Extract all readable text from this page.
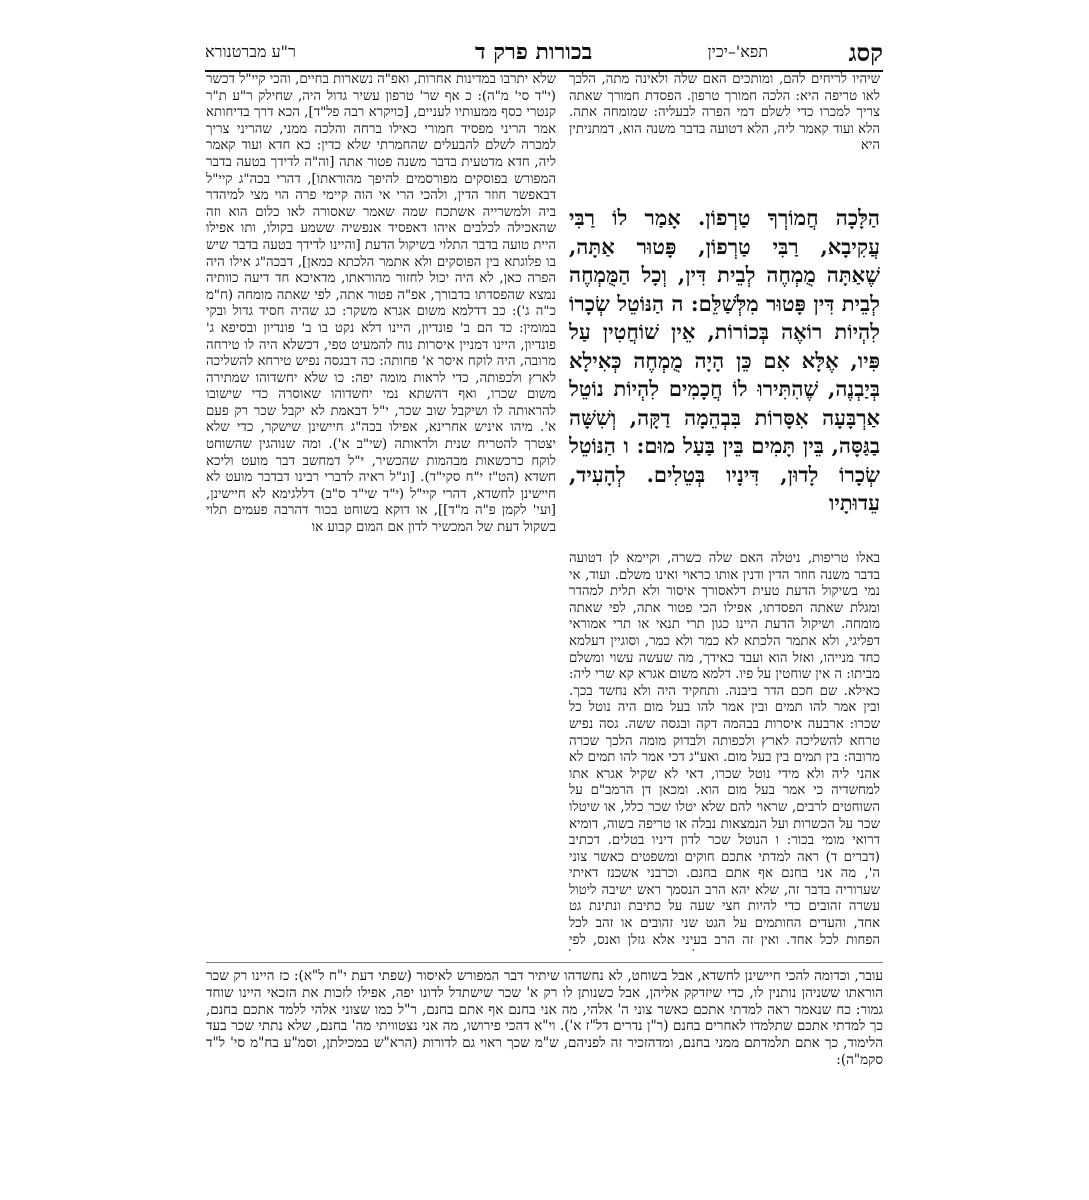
קסג
תפא'–יכין
בכורות פרק ד
ר"ע מברטנורא

שלא יתרבו במדינות אחרות, ואפ"ה נשארות בחיים, והכי קיי"ל דכשר (י"ד סי' מ"ה): כ אף שר' טרפון עשיר גדול היה, שחילק ר"ע ת"ר קנטרי כסף ממעותיו לעניים, [כויקרא רבה פל"ד], הכא דרך בדיחותא אמר הריני מפסיד חמורי כאילו ברחה והלכה ממני, שהריני צריך למכרה לשלם להבעלים שהחמרתי שלא כדין: כא חדא ועוד קאמר ליה, חדא מדטעית בדבר משנה פטור אתה [וה"ה לדידך בטעה בדבר המפורש בפוסקים מפורסמים להיפך מהוראתו], דהרי בכה"ג קיי"ל דבאפשר חוזר הדין, ולהכי הרי אי הוה קיימי פרה הוי מצי למיהדר ביה ולמשרייה אשתכח שמה שאמר שאסורה לאו כלום הוא וזה שהאכילה לכלבים איהו דאפסיד אנפשיה ששמע בקולו, ותו אפילו היית טועה בדבר התלוי בשיקול הדעת [והיינו לדידך בטעה בדבר שיש בו פלוגתא בין הפוסקים ולא אתמר הלכתא כמאן], דבכה"ג אילו היה הפרה כאן, לא היה יכול לחזור מהוראתו, מדאיכא חד דיעה כוותיה נמצא שהפסדתו בדבורך, אפ"ה פטור אתה, לפי שאתה מומחה (ח"מ כ"ה ג'): כב דדלמא משום אגרא משקר: כג שהיה חסיד גדול ובקי במומין: כד הם ב' פונדיון, היינו דלא נקט בו ב' פונדיון ובסיפא ג' פונדיון, היינו דמניין איסרות נוח להמעיט טפי, דכשלא היה לו טירחה מרובה, היה לוקח איסר א' פחותה: כה דבגסה נפיש טירחא להשליכה לארץ ולכפותה, כדי לראות מומה יפה: כו שלא יחשדוהו שמתירה משום שכרו, ואף דהשתא נמי יחשדוהו שאוסרה כדי שישובו להראותה לו ושיקבל שוב שכר, י"ל דבאמת לא יקבל שכר רק פעם א'. מיהו איניש אחרינא, אפילו בכה"ג חיישינן שישקר, כדי שלא יצטרך להטריח שנית ולראותה (שי"ב א'). ומה שנוהגין שהשוחט לוקח כרכשאות מבהמות שהכשיר, י"ל דמחשב דבר מועט וליכא חשדא (הט"ז י"ח סקי"ד). [ונ"ל ראיה לדברי רבינו דבדבר מועט לא חיישינן לחשדא, דהרי קיי"ל (י"ד שי"ד ס"ב) דללגימא לא חיישינן, [ועי' לקמן פ"ה מ"ד]], או דוקא בשוחט בכור דהרבה פעמים תלוי בשקול דעת של המכשיר לדון אם המום קבוע או

שיהיו לריחים להם, ומותכים האם שלה ולאינה מתה, הלכך לאו טריפה היא: הלכה חמורך טרפון. הפסדת חמורך שאתה צריך למכרו כדי לשלם דמי הפרה לבעליה: שמומחה אתה. הלא ועוד קאמר ליה, הלא דטועה בדבר משנה הוא, דמתניתין היא

הַלָּכָה חֲמוֹרְךָ טַרְפוֹן. אָמַר לוֹ רַבִּי עֲקִיבָא, רַבִּי טַרְפוֹן, פָּטוּר אַתָּה, שֶׁאַתָּה מֻמְחֶה לְבֵית דִּין, וְכָל הַמֻּמְחֶה לְבֵית דִּין פָּטוּר מִלְּשַׁלֵּם: ה הַנּוֹטֵל שְׂכָרוֹ לִהְיוֹת רוֹאֶה בְּכוֹרוֹת, אֵין שׁוֹחֲטִין עַל פִּיו, אֶלָּא אִם כֵּן הָיָה מֻמְחֶה כְּאִילָא בְּיַבְנֶה, שֶׁהִתִּירוּ לוֹ חֲכָמִים לִהְיוֹת נוֹטֵל אַרְבָּעָה אִסָּרוֹת בִּבְהֵמָה דַקָּה, וְשִׁשָּׁה בַגַּסָּה, בֵּין תָּמִים בֵּין בַּעַל מוּם: ו הַנּוֹטֵל שְׂכָרוֹ לָדוּן, דִּינָיו בְּטֵלִים. לְהָעִיד, עֵדוּתָיו

באלו טריפות, ניטלה האם שלה כשרה, וקיימא לן דטועה בדבר משנה חוזר הדין ודנין אותו כראוי ואינו משלם. ועוד, אי נמי בשיקול הדעת טעית דלאסורך איסור ולא תלית למהדר ומגלת שאתה הפסדתו, אפילו הכי פטור אתה, לפי שאתה מומחה. ושיקול הדעת היינו כגון תרי תנאי או תרי אמוראי דפליגי, ולא אתמר הלכתא לא כמר ולא כמר, וסוגיין דעלמא כחד מנייהו, ואזל הוא ועבד כאידך, מה שעשה עשוי ומשלם מביתו: ה אין שוחטין על פיו. דלמא משום אגרא קא שרי ליה: כאילא. שם חכם הדר ביבנה. ותחקיד היה ולא נחשד בכך. ובין אמר להו תמים ובין אמר להו בעל מום היה נוטל כל שכרו: ארבעה איסרות בבהמה דקה ובגסה ששה. גסה נפיש טרחא להשליכה לארץ ולכפותה ולבדוק מומה הלכך שכרה מרובה: בין תמים בין בעל מום. ואע"ג דכי אמר להו תמים לא אהני ליה ולא מידי נוטל שכרו, דאי לא שקיל אגרא אתו למחשדיה כי אמר בעל מום הוא. ומכאן דן הרמב"ם על השוחטים לרבים, שראוי להם שלא יטלו שכר כלל, או שיטלו שכר על הכשרות ועל הנמצאות נבלה או טריפה בשוה, דומיא דרואי מומי בכור: ו הנוטל שכר לדון דיניו בטלים. דכתיב (דברים ד) ראה למדתי אתכם חוקים ומשפטים כאשר צוני ה', מה אני בחנם אף אתם בחנם. וכרבני אשכנז דאיתי שערוריה בדבר זה, שלא יהא הרב הנסמך ראש ישיבה ליטול עשרה זהובים כדי להיות חצי שעה על כתיבת ונתינת גט אחד, והעדים החותמים על הגט שני זהובים או זהב לכל הפחות לכל אחד. ואין זה הרב בעיני אלא גזלן ואנס, לפי

עובר, וכדומה להכי חיישינן לחשדא, אבל בשוחט, לא נחשדהו שיתיר דבר המפורש לאיסור (שפתי דעת י"ח ל"א): כז היינו רק שכר הוראתו ששניהן נותנין לו, כדי שיזדקק אליהן, אבל כשנותן לו רק א' שכר שישתדל לדונו יפה, אפילו לזכות את הזכאי היינו שוחד גמור: כח שנאמר ראה למדתי אתכם כאשר צוני ה' אלהי, מה אני בחנם אף אתם בחנם, ר"ל כמו שצוני אלהי ללמד אתכם בחנם, כך למדתי אתכם שתלמדו לאחרים בחנם (ר"ן נדרים דל"ז א'). וי"א דהכי פירושו, מה אני נצטוויתי מה' בחנם, שלא נתתי שכר בעד הלימוד, כך אתם תלמדתם ממני בחנם, ומדהזכיר זה לפניהם, ש"מ שכך ראוי גם לדורות (הרא"ש במכילתן, וסמ"ע בח"מ סי' ל"ד סקמ"ה):
